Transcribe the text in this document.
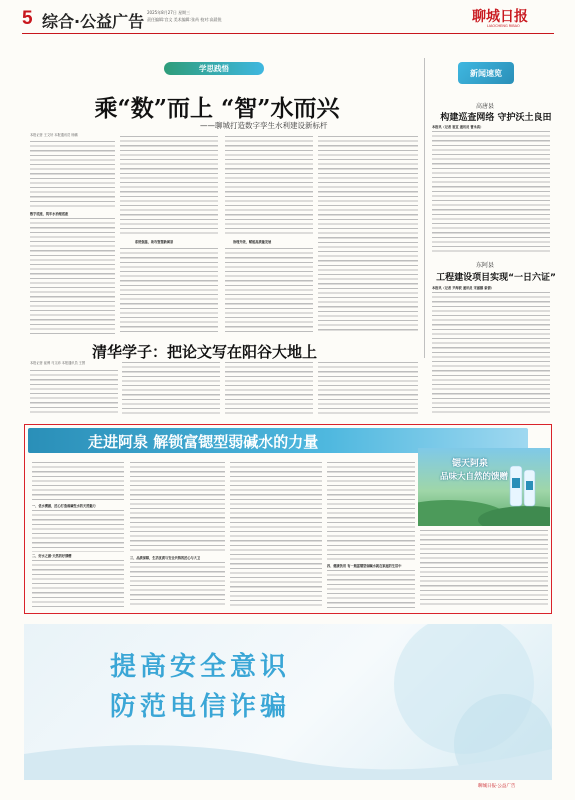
5 综合·公益广告 2025年8月27日 星期三
责任编辑:宫文 美术编辑:张芮 校对:高晨锐	聊城日报
LIAOCHENG RIBAO
学思践悟
乘“数”而上 “智”水而兴
——聊城打造数字孪生水利建设新标杆
本报记者 王文轩 本报通讯员 杨鹏
数字底座，筑牢水治理底座
系统强基，助攻智慧新图景	治理升级，赋能高质量发展
清华学子：把论文写在阳谷大地上
本报记者 崔博 马文沛 本报通讯员 王慧
新闻速览
高唐县
构建巡查网络 守护沃土良田
本报讯（记者 崔宜 通讯员 曹永真）
东阿县
工程建设项目实现“一日六证”
本报讯（记者 尹海波 通讯员 宋丽娜 索倩）
走进阿泉 解锁富锶型弱碱水的力量
锶天阿泉
品味大自然的馈赠
一、优水溯源，匠心打造弱碱性水的天然魅力
二、好水之源·天然的好馈赠	三、品质保障，生活优质与安全共铸的匠心与大卫
四、健康饮用 有一瓶富锶型弱碱水就在家庭的生活中
提高安全意识
防范电信诈骗
聊城日报·公益广告
